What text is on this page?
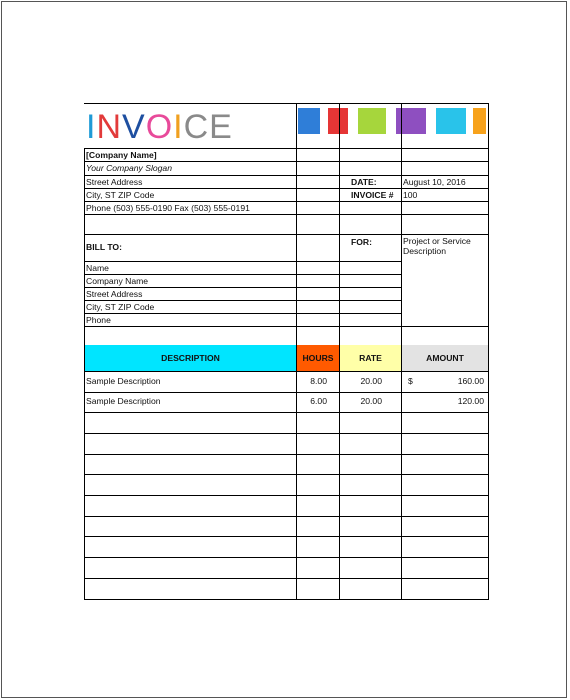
INVOICE
[Company Name]
Your Company Slogan
Street Address
City, ST ZIP Code
Phone (503) 555-0190 Fax (503) 555-0191
DATE:	August 10, 2016
INVOICE # 100
FOR:	Project or Service
Description
BILL TO:
Name
Company Name
Street Address
City, ST ZIP Code
Phone
DESCRIPTION	HOURS	RATE	AMOUNT
Sample Description	8.00	20.00	$	160.00
Sample Description	6.00	20.00	120.00
